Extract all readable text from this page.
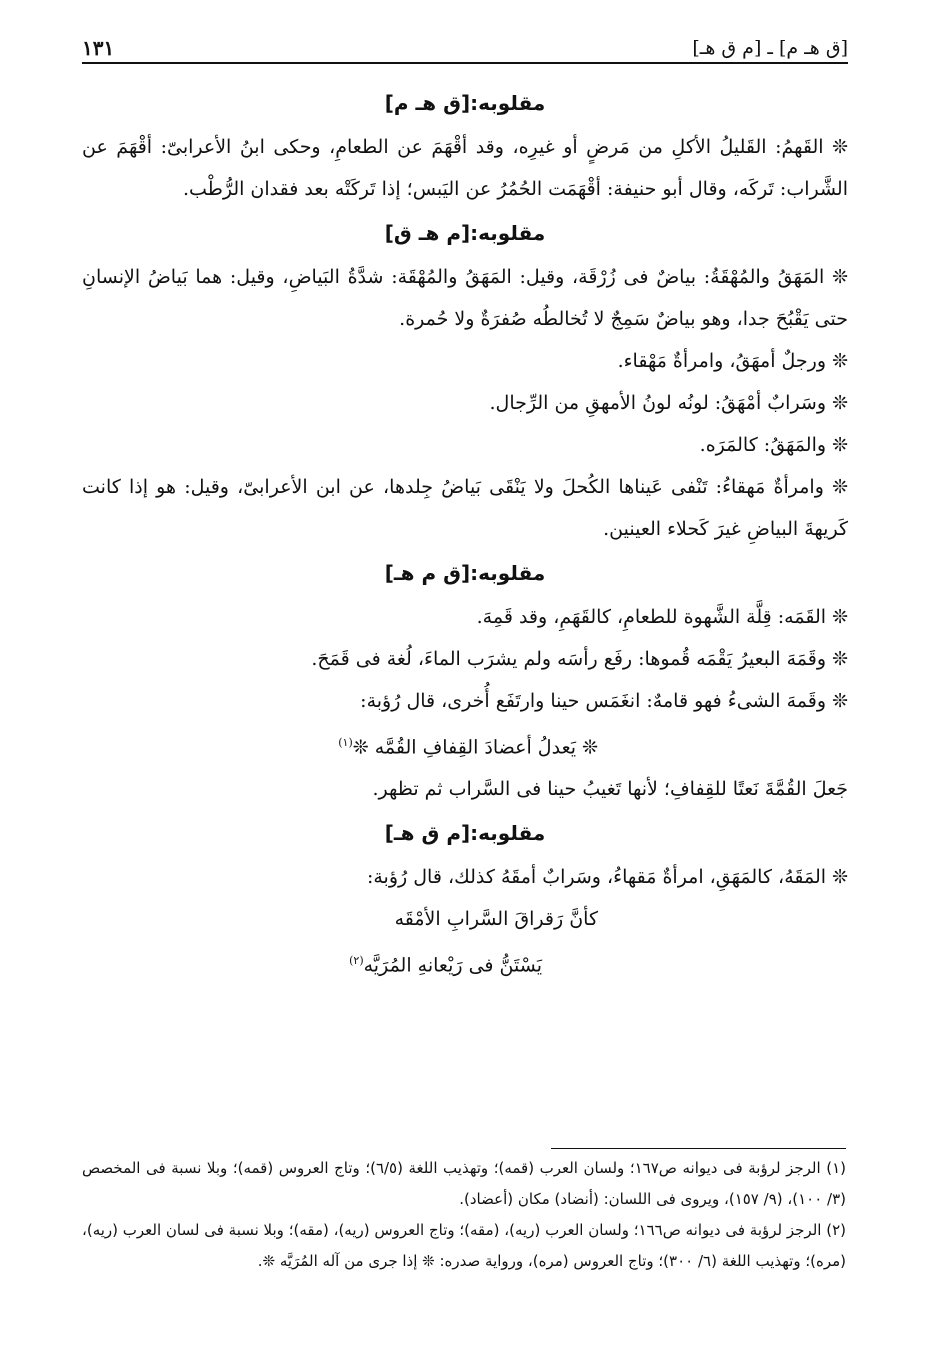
[ق هـ م] ـ [م ق هـ]
١٣١
مقلوبه:[ق هـ م]

❊ القَهمُ: القَليلُ الأكلِ من مَرضٍ أو غيرِه، وقد أقْهَمَ عن الطعامِ، وحكى ابنُ الأعرابىّ: أقْهَمَ عن الشَّراب: تَركَه، وقال أبو حنيفة: أقْهَمَت الحُمُرُ عن اليَبس؛ إذا تَركَتْه بعد فقدان الرُّطْب.

مقلوبه:[م هـ ق]

❊ المَهَقُ والمُهْقَةُ: بياضٌ فى زُرْقَة، وقيل: المَهَقُ والمُهْقَة: شدَّةُ البَياضِ، وقيل: هما بَياضُ الإنسانِ حتى يَقْبُحَ جدا، وهو بياضٌ سَمِجٌ لا تُخالطُه صُفرَةٌ ولا حُمرة.

❊ ورجلٌ أمهَقُ، وامرأةٌ مَهْقاء.

❊ وسَرابٌ أمْهَقُ: لونُه لونُ الأمهقِ من الرِّجال.

❊ والمَهَقُ: كالمَرَه.

❊ وامرأةٌ مَهقاءُ: تَنْفى عَيناها الكُحلَ ولا يَنْقَى بَياضُ جِلدها، عن ابن الأعرابىّ، وقيل: هو إذا كانت كَريهةَ البياضِ غيرَ كَحلاء العينين.

مقلوبه:[ق م هـ]

❊ القَمَه: قِلَّة الشَّهوة للطعامِ، كالقَهَمِ، وقد قَمِهَ.

❊ وقَمَهَ البعيرُ يَقْمَه قُموها: رفَع رأسَه ولم يشرَب الماءَ، لُغة فى قَمَحَ.

❊ وقَمهَ الشىءُ فهو قامهٌ: انغَمَس حينا وارتَفَع أُخرى، قال رُؤبة:

❊ يَعدلُ أعضادَ القِفافِ القُمَّه ❊$^{(١)}$

جَعلَ القُمَّةَ نَعتًا للقِفافِ؛ لأنها تَغيبُ حينا فى السَّراب ثم تظهر.

مقلوبه:[م ق هـ]

❊ المَقَهُ، كالمَهَقِ، امرأةٌ مَقهاءُ، وسَرابٌ أمقَهُ كذلك، قال رُؤبة:

كأنَّ رَقراقَ السَّرابِ الأمْقَه
يَسْتَنُّ فى رَيْعانهِ المُرَيَّه$^{(٢)}$

(١) الرجز لرؤبة فى ديوانه ص١٦٧؛ ولسان العرب (قمه)؛ وتهذيب اللغة (٦/٥)؛ وتاج العروس (قمه)؛ وبلا نسبة فى المخصص (٣/ ١٠٠)، (٩/ ١٥٧)، ويروى فى اللسان: (أنضاد) مكان (أعضاد).

(٢) الرجز لرؤبة فى ديوانه ص١٦٦؛ ولسان العرب (ريه)، (مقه)؛ وتاج العروس (ريه)، (مقه)؛ وبلا نسبة فى لسان العرب (ريه)، (مره)؛ وتهذيب اللغة (٦/ ٣٠٠)؛ وتاج العروس (مره)، ورواية صدره: ❊ إذا جرى من آله المُرَيَّه ❊.
